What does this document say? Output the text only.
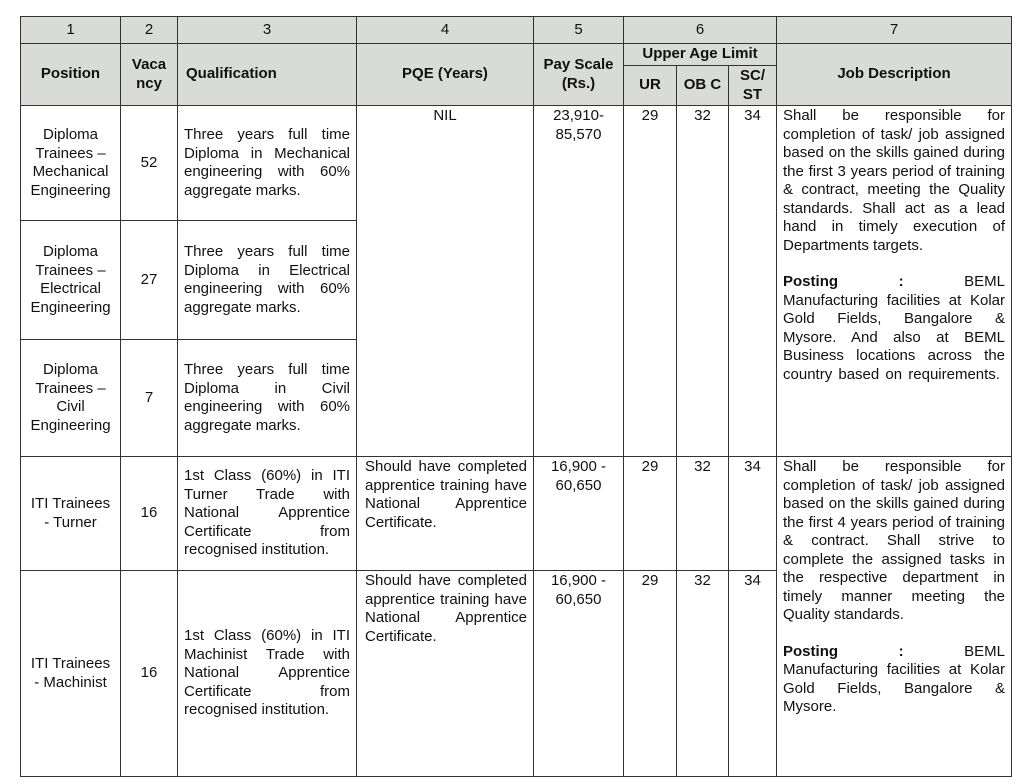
1	2	3	4	5	6			7
Position	Vaca ncy	Qualification	PQE (Years)	Pay Scale (Rs.)	Upper Age Limit			Job Description
					UR	OB C	SC/ ST	
Diploma Trainees – Mechanical Engineering	52	Three years full time Diploma in Mechanical engineering with 60% aggregate marks.	NIL	23,910- 85,570	29	32	34	Shall be responsible for completion of task/ job assigned based on the skills gained during the first 3 years period of training & contract, meeting the Quality standards. Shall act as a lead hand in timely execution of Departments targets.
Posting : BEML Manufacturing facilities at Kolar Gold Fields, Bangalore & Mysore. And also at BEML Business locations across the country based on requirements.

Diploma Trainees – Electrical Engineering	27	Three years full time Diploma in Electrical engineering with 60% aggregate marks.						
Diploma Trainees – Civil Engineering	7	Three years full time Diploma in Civil engineering with 60% aggregate marks.						
ITI Trainees - Turner	16	1st Class (60%) in ITI Turner Trade with National Apprentice Certificate from recognised institution.	Should have completed apprentice training have National Apprentice Certificate.	16,900 - 60,650	29	32	34	Shall be responsible for completion of task/ job assigned based on the skills gained during the first 4 years period of training & contract. Shall strive to complete the assigned tasks in the respective department in timely manner meeting the Quality standards.
Posting : BEML Manufacturing facilities at Kolar Gold Fields, Bangalore & Mysore.

ITI Trainees - Machinist	16	1st Class (60%) in ITI Machinist Trade with National Apprentice Certificate from recognised institution.	Should have completed apprentice training have National Apprentice Certificate.	16,900 - 60,650	29	32	34	
